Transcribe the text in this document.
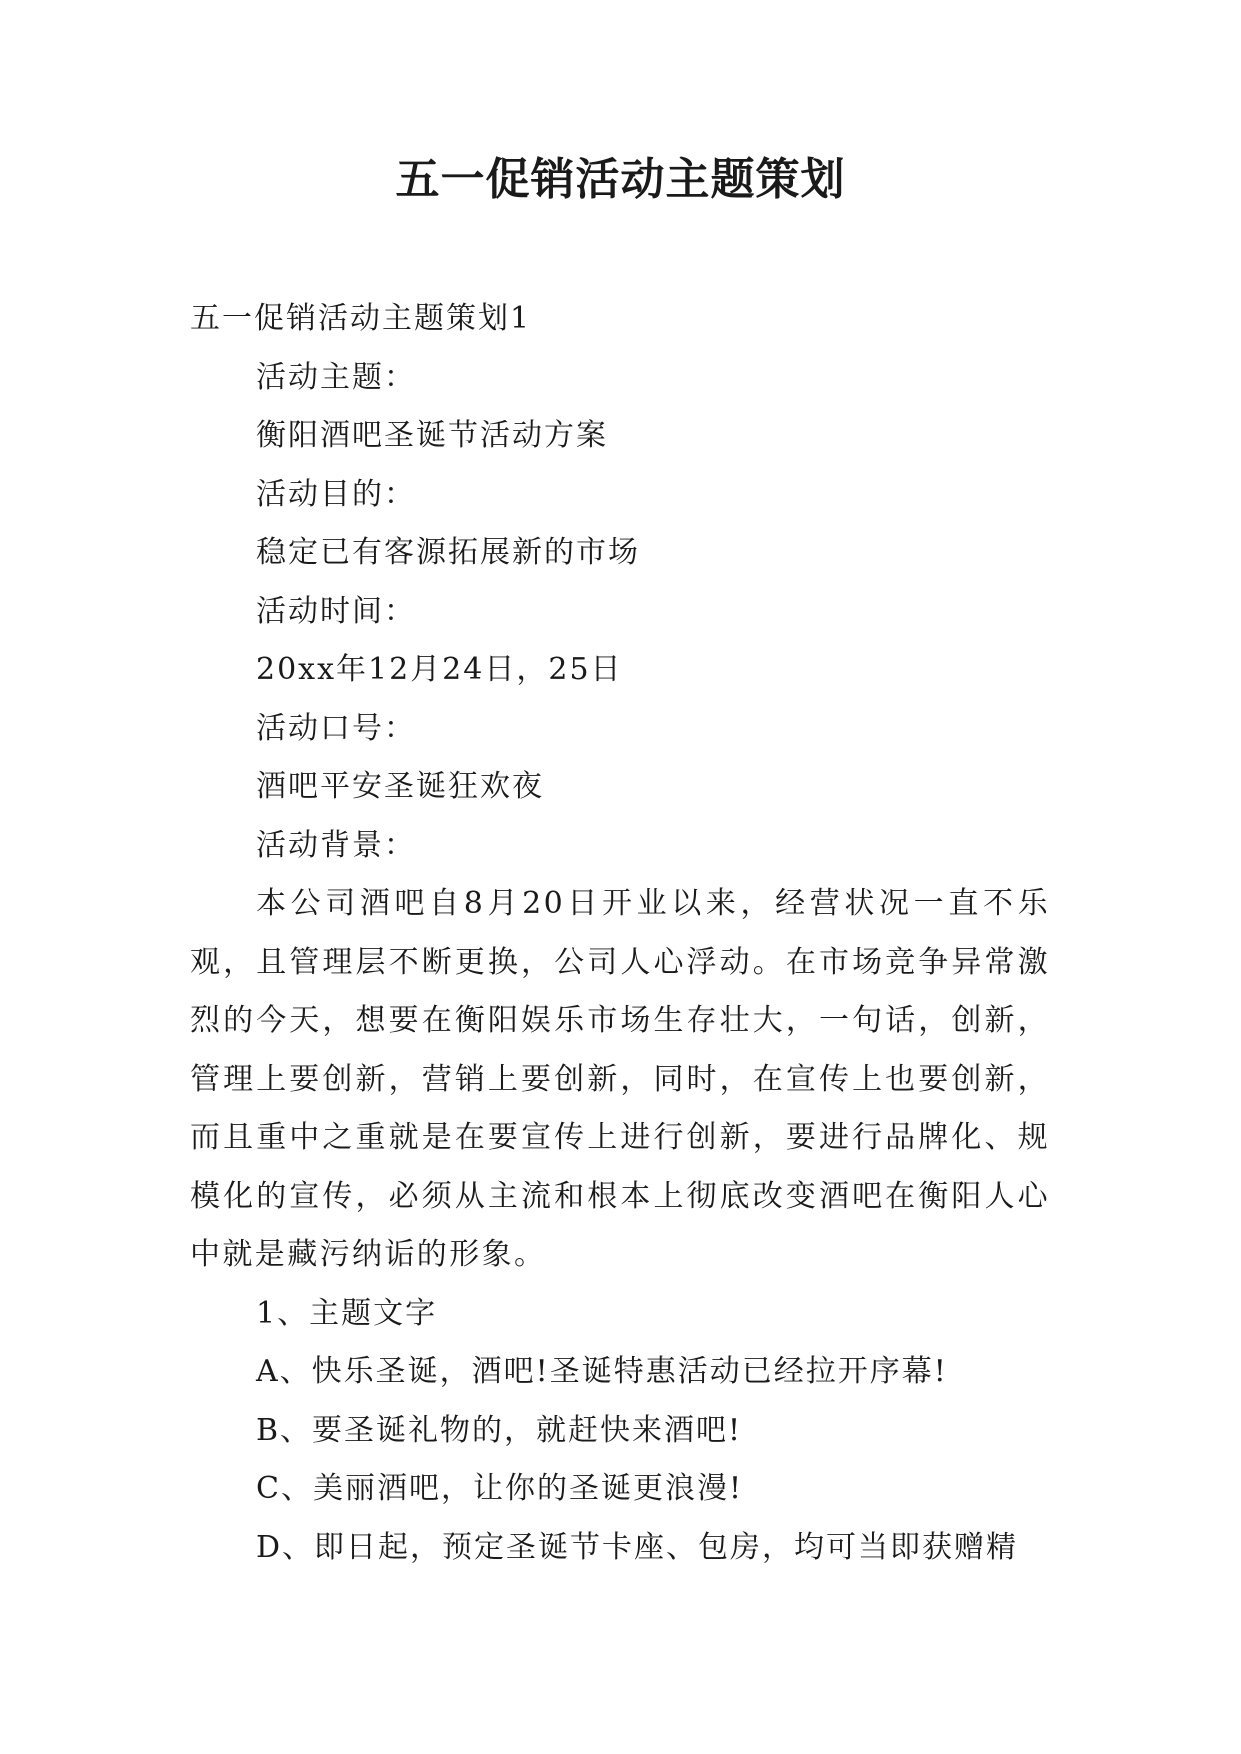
五一促销活动主题策划

五一促销活动主题策划1

活动主题：

衡阳酒吧圣诞节活动方案

活动目的：

稳定已有客源拓展新的市场

活动时间：

20xx年12月24日，25日

活动口号：

酒吧平安圣诞狂欢夜

活动背景：

本公司酒吧自8月20日开业以来，经营状况一直不乐观，且管理层不断更换，公司人心浮动。在市场竞争异常激烈的今天，想要在衡阳娱乐市场生存壮大，一句话，创新，管理上要创新，营销上要创新，同时，在宣传上也要创新，而且重中之重就是在要宣传上进行创新，要进行品牌化、规模化的宣传，必须从主流和根本上彻底改变酒吧在衡阳人心中就是藏污纳诟的形象。

1、主题文字

A、快乐圣诞，酒吧!圣诞特惠活动已经拉开序幕!

B、要圣诞礼物的，就赶快来酒吧!

C、美丽酒吧，让你的圣诞更浪漫!

D、即日起，预定圣诞节卡座、包房，均可当即获赠精
